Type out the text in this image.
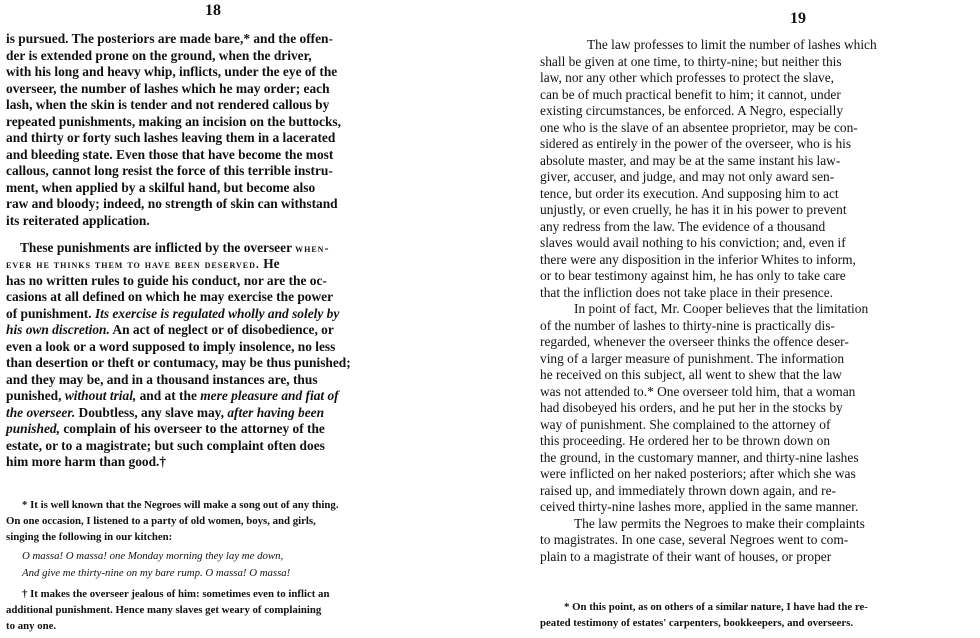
18
is pursued. The posteriors are made bare,* and the offen-
der is extended prone on the ground, when the driver,
with his long and heavy whip, inflicts, under the eye of the
overseer, the number of lashes which he may order; each
lash, when the skin is tender and not rendered callous by
repeated punishments, making an incision on the buttocks,
and thirty or forty such lashes leaving them in a lacerated
and bleeding state. Even those that have become the most
callous, cannot long resist the force of this terrible instru-
ment, when applied by a skilful hand, but become also
raw and bloody; indeed, no strength of skin can withstand
its reiterated application.
These punishments are inflicted by the overseer when-
ever he thinks them to have been deserved. He
has no written rules to guide his conduct, nor are the oc-
casions at all defined on which he may exercise the power
of punishment. Its exercise is regulated wholly and solely by
his own discretion. An act of neglect or of disobedience, or
even a look or a word supposed to imply insolence, no less
than desertion or theft or contumacy, may be thus punished;
and they may be, and in a thousand instances are, thus
punished, without trial, and at the mere pleasure and fiat of
the overseer. Doubtless, any slave may, after having been
punished, complain of his overseer to the attorney of the
estate, or to a magistrate; but such complaint often does
him more harm than good.†
* It is well known that the Negroes will make a song out of any thing.
On one occasion, I listened to a party of old women, boys, and girls,
singing the following in our kitchen:
O massa! O massa! one Monday morning they lay me down,
And give me thirty-nine on my bare rump. O massa! O massa!
† It makes the overseer jealous of him: sometimes even to inflict an
additional punishment. Hence many slaves get weary of complaining
to any one.
19
The law professes to limit the number of lashes which
shall be given at one time, to thirty-nine; but neither this
law, nor any other which professes to protect the slave,
can be of much practical benefit to him; it cannot, under
existing circumstances, be enforced. A Negro, especially
one who is the slave of an absentee proprietor, may be con-
sidered as entirely in the power of the overseer, who is his
absolute master, and may be at the same instant his law-
giver, accuser, and judge, and may not only award sen-
tence, but order its execution. And supposing him to act
unjustly, or even cruelly, he has it in his power to prevent
any redress from the law. The evidence of a thousand
slaves would avail nothing to his conviction; and, even if
there were any disposition in the inferior Whites to inform,
or to bear testimony against him, he has only to take care
that the infliction does not take place in their presence.
In point of fact, Mr. Cooper believes that the limitation
of the number of lashes to thirty-nine is practically dis-
regarded, whenever the overseer thinks the offence deser-
ving of a larger measure of punishment. The information
he received on this subject, all went to shew that the law
was not attended to.* One overseer told him, that a woman
had disobeyed his orders, and he put her in the stocks by
way of punishment. She complained to the attorney of
this proceeding. He ordered her to be thrown down on
the ground, in the customary manner, and thirty-nine lashes
were inflicted on her naked posteriors; after which she was
raised up, and immediately thrown down again, and re-
ceived thirty-nine lashes more, applied in the same manner.
The law permits the Negroes to make their complaints
to magistrates. In one case, several Negroes went to com-
plain to a magistrate of their want of houses, or proper
* On this point, as on others of a similar nature, I have had the re-
peated testimony of estates' carpenters, bookkeepers, and overseers.
